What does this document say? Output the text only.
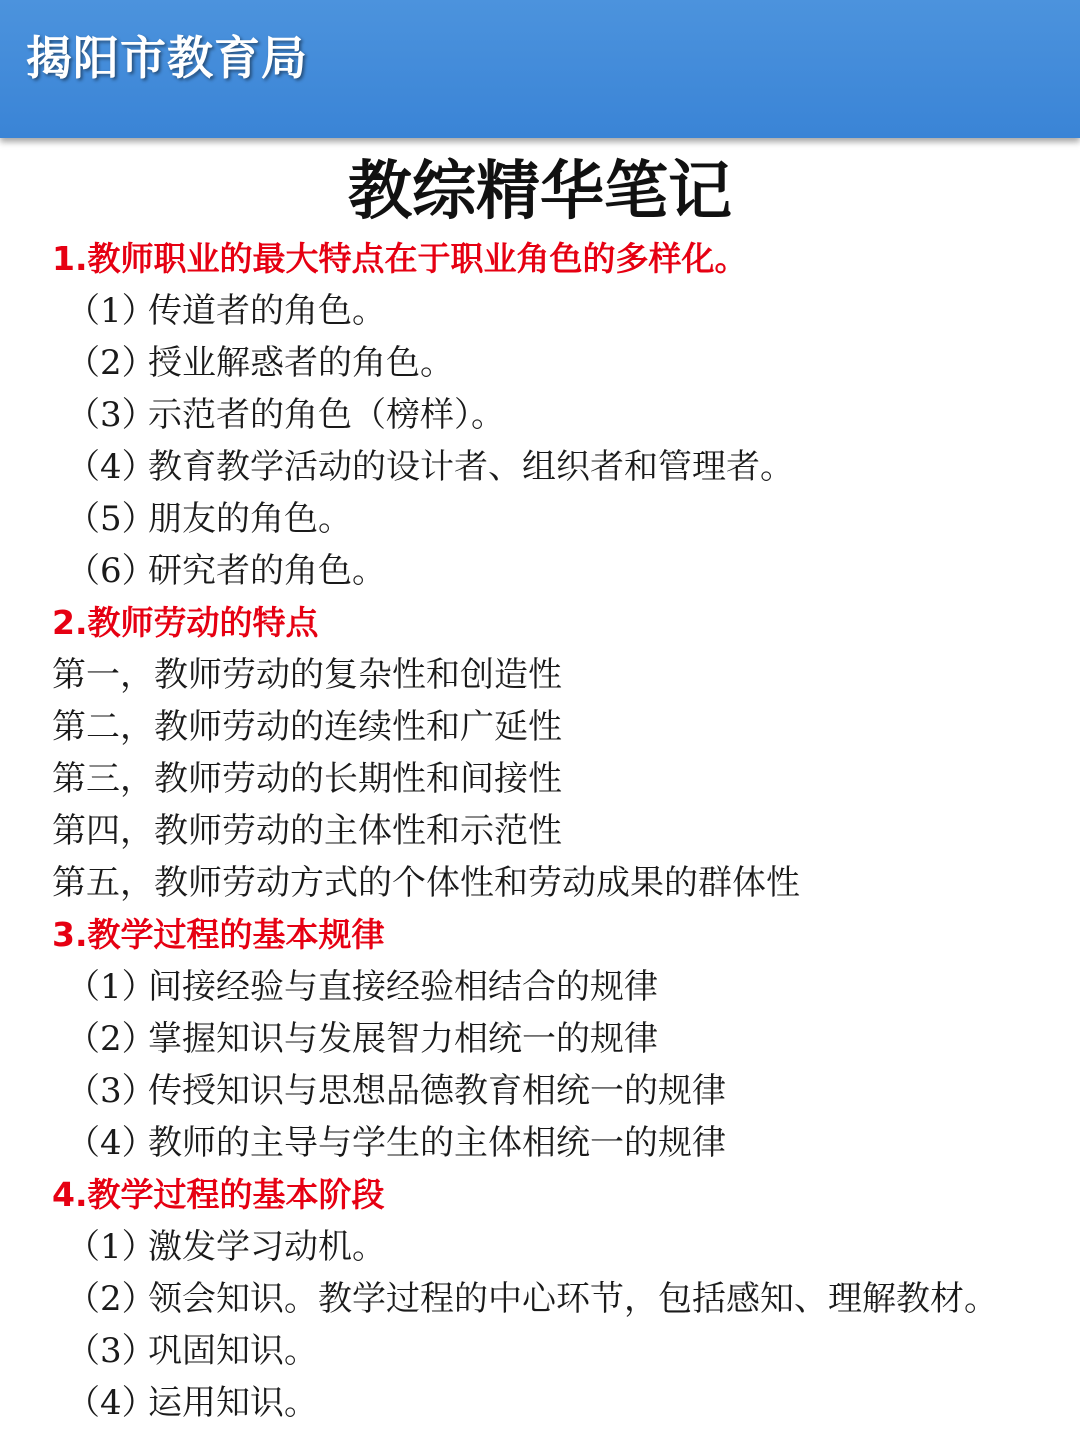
揭阳市教育局
教综精华笔记
1.教师职业的最大特点在于职业角色的多样化。
（1）传道者的角色。
（2）授业解惑者的角色。
（3）示范者的角色（榜样）。
（4）教育教学活动的设计者、组织者和管理者。
（5）朋友的角色。
（6）研究者的角色。
2.教师劳动的特点
第一，教师劳动的复杂性和创造性
第二，教师劳动的连续性和广延性
第三，教师劳动的长期性和间接性
第四，教师劳动的主体性和示范性
第五，教师劳动方式的个体性和劳动成果的群体性
3.教学过程的基本规律
（1）间接经验与直接经验相结合的规律
（2）掌握知识与发展智力相统一的规律
（3）传授知识与思想品德教育相统一的规律
（4）教师的主导与学生的主体相统一的规律
4.教学过程的基本阶段
（1）激发学习动机。
（2）领会知识。教学过程的中心环节，包括感知、理解教材。
（3）巩固知识。
（4）运用知识。
